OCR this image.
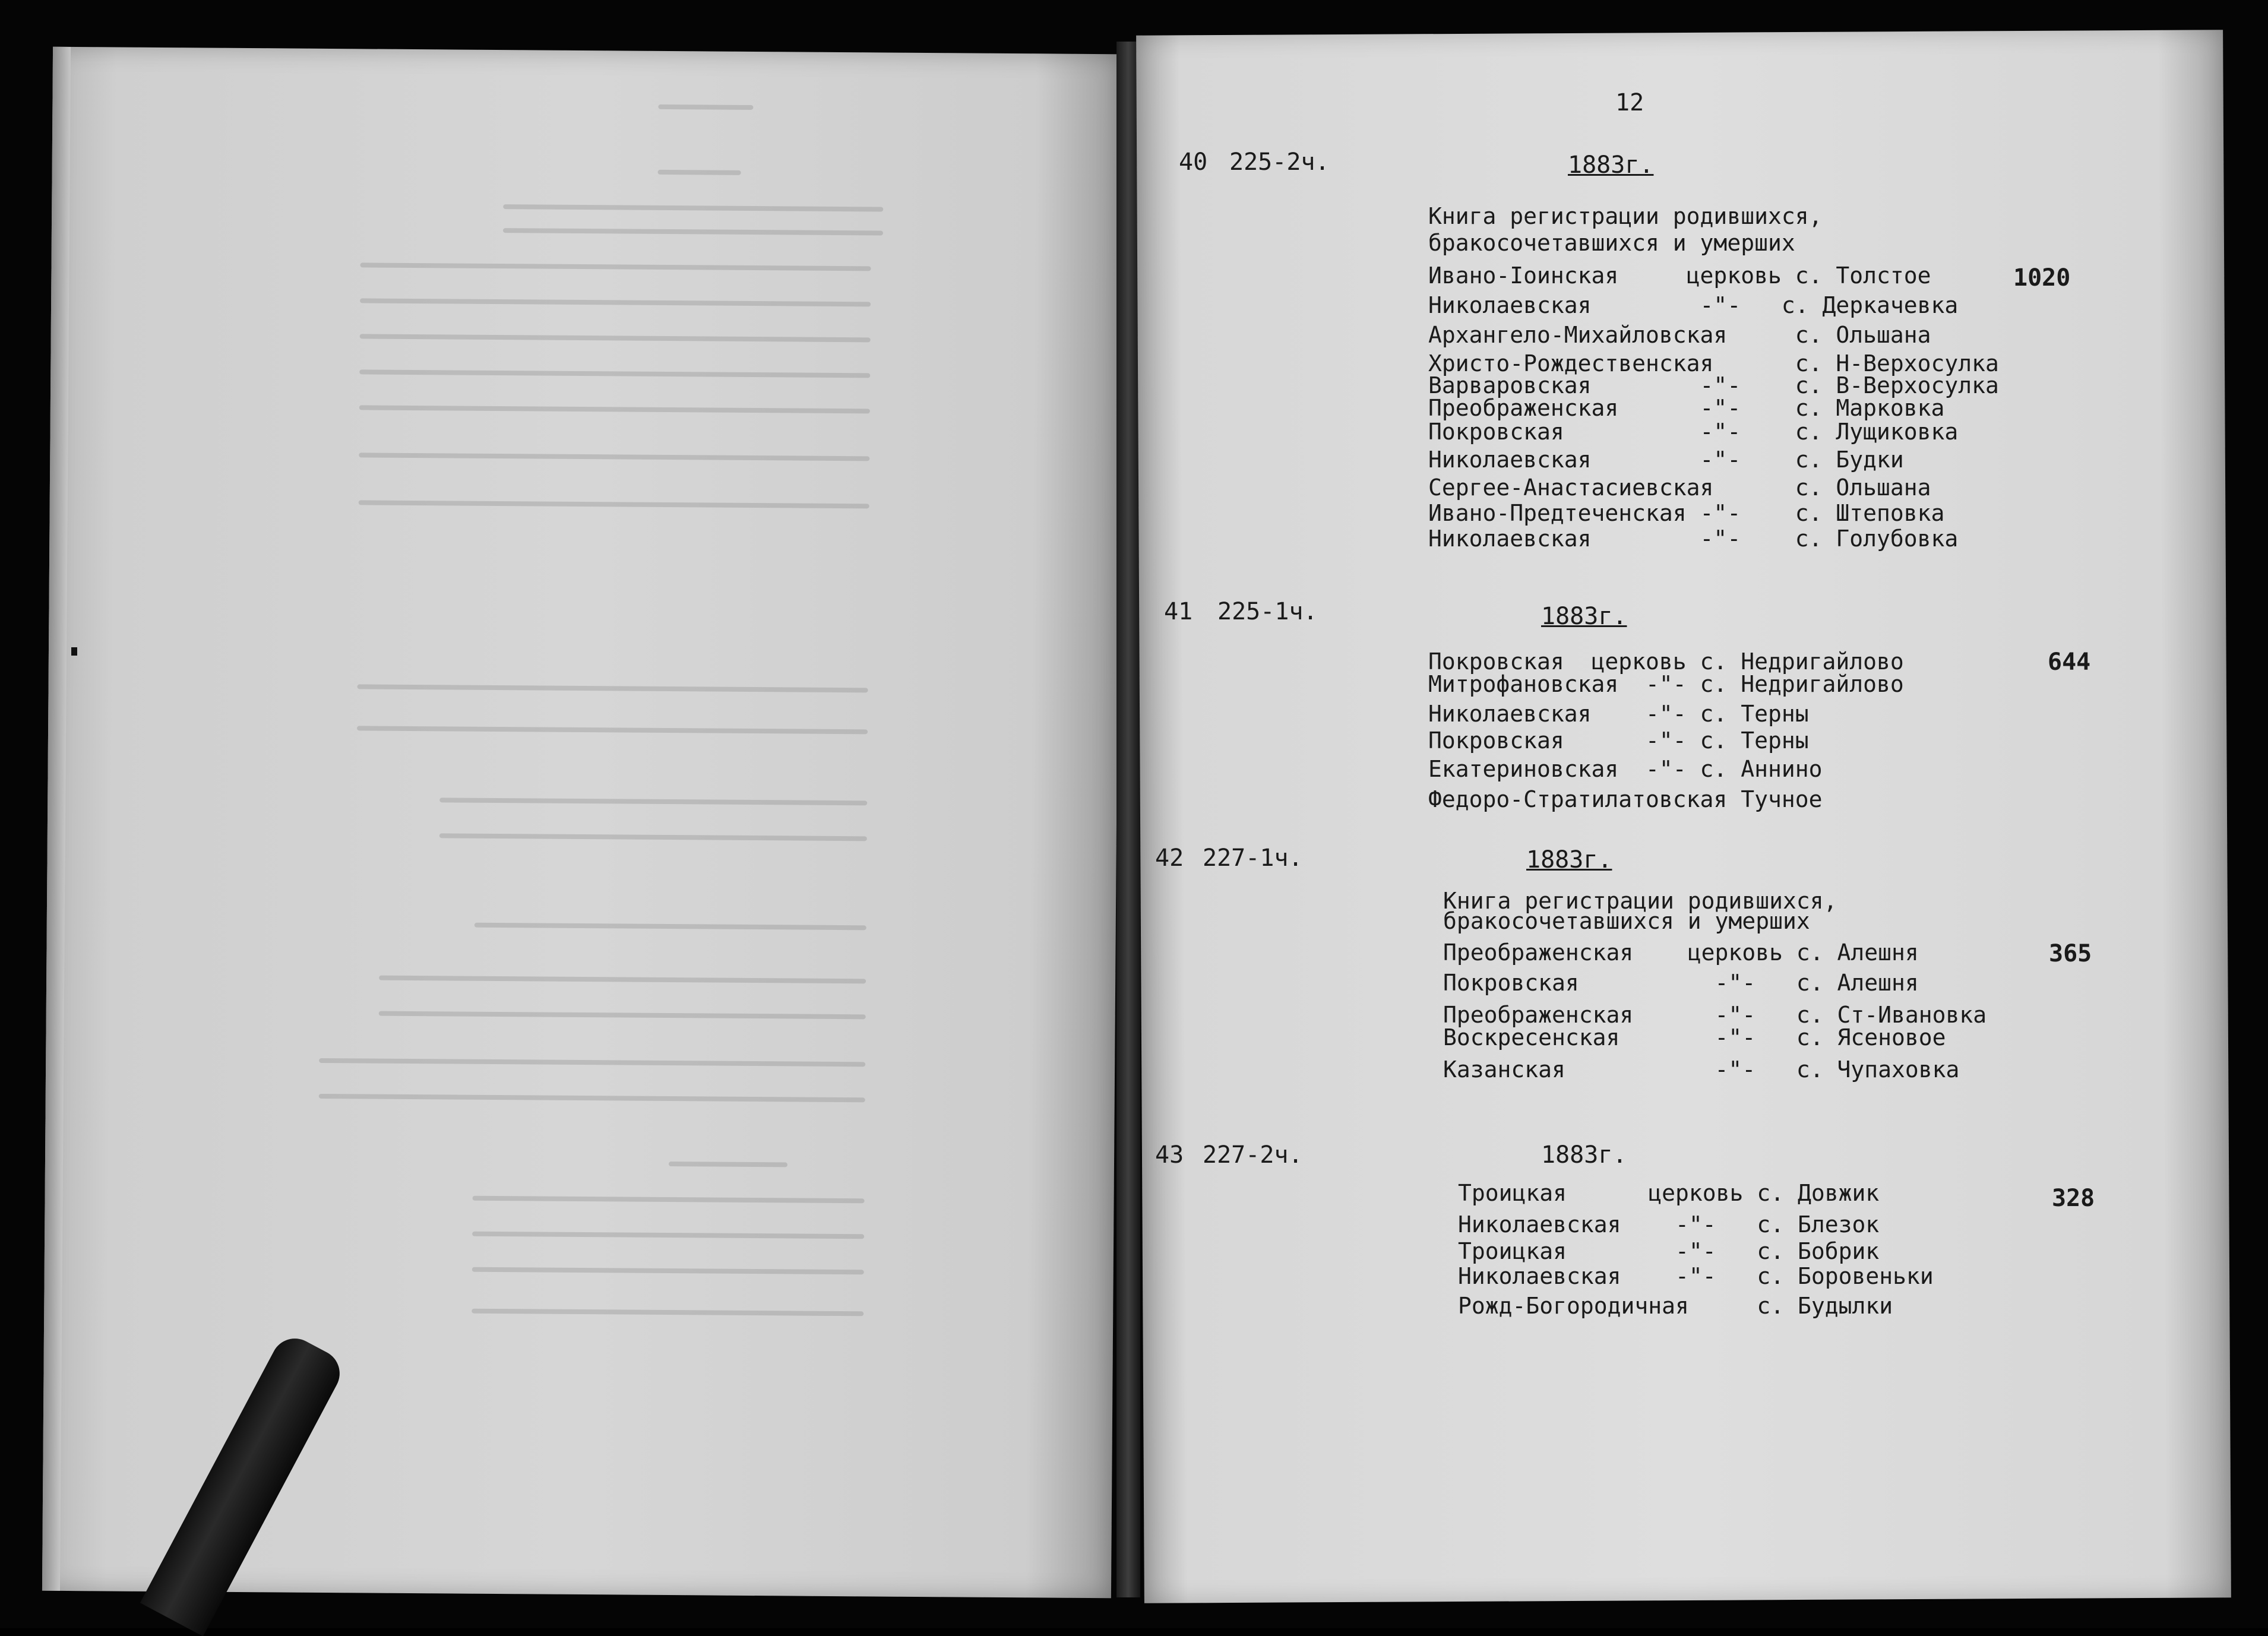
12
40 225-2ч.	1883г.
1020
Книга регистрации родившихся,
бракосочетавшихся и умерших
Ивано-Іоинская     церковь с. Толстое
Николаевская        -"-   с. Деркачевка
Архангело-Михайловская     с. Ольшана
Христо-Рождественская      с. Н-Верхосулка
Варваровская        -"-    с. В-Верхосулка
Преображенская      -"-    с. Марковка
Покровская          -"-    с. Лущиковка
Николаевская        -"-    с. Будки
Сергее-Анастасиевская      с. Ольшана
Ивано-Предтеченская -"-    с. Штеповка
Николаевская        -"-    с. Голубовка
41 225-1ч.	1883г.
644
Покровская  церковь с. Недригайлово
Митрофановская  -"- с. Недригайлово
Николаевская    -"- с. Терны
Покровская      -"- с. Терны
Екатериновская  -"- с. Аннино
Федоро-Стратилатовская Тучное
42 227-1ч.	1883г.
365
Книга регистрации родившихся,
бракосочетавшихся и умерших
Преображенская    церковь с. Алешня
Покровская          -"-   с. Алешня
Преображенская      -"-   с. Ст-Ивановка
Воскресенская       -"-   с. Ясеновое
Казанская           -"-   с. Чупаховка
43 227-2ч.	1883г.
328
Троицкая      церковь с. Довжик
Николаевская    -"-   с. Блезок
Троицкая        -"-   с. Бобрик
Николаевская    -"-   с. Боровеньки
Рожд-Богородичная     с. Будылки
